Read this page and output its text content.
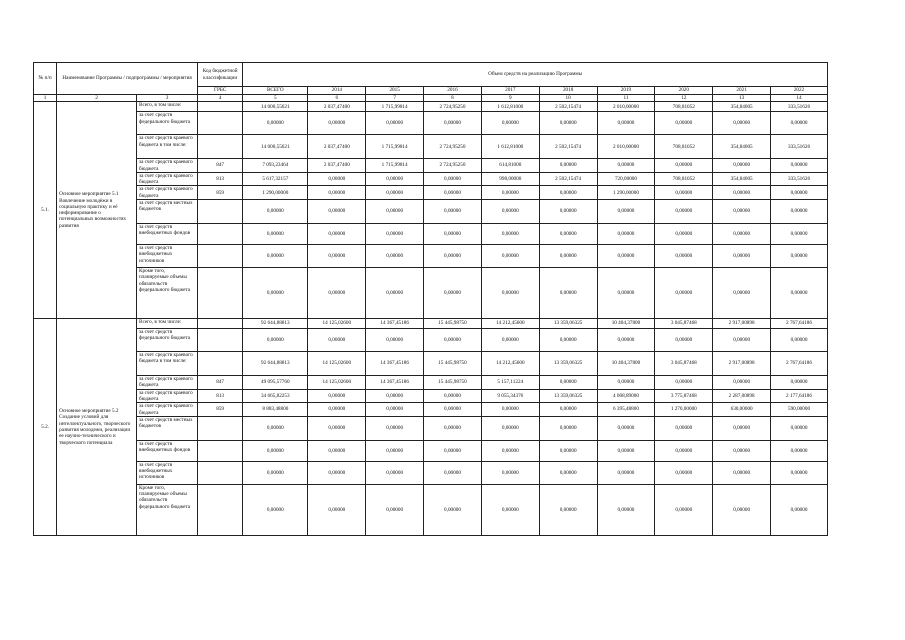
№ п/п	Наименование Программы / подпрограммы / мероприятия		Код бюджетной классификации	Объем средств на реализацию Программы									
			ГРБС	ВСЕГО	2014	2015	2016	2017	2018	2019	2020	2021	2022
1	2	3	4	5	6	7	8	9	10	11	12	13	14
5.1.	Основное мероприятие 5.1 Вовлечение молодёжи в социальную практику и её информирование о потенциальных возможностях развития	Всего, в том числе:		14 000,55621	2 037,47400	1 715,99814	2 724,95250	1 612,81000	2 502,15474	2 010,00000	708,81052	354,84005	333,51626
		за счет средств федерального бюджета		0,00000	0,00000	0,00000	0,00000	0,00000	0,00000	0,00000	0,00000	0,00000	0,00000
		за счет средств краевого бюджета в том числе:		14 000,55621	2 037,47400	1 715,99814	2 724,95250	1 612,81000	2 502,15474	2 010,00000	708,81052	354,84005	333,51626
		за счет средств краевого бюджета	847	7 093,23464	2 037,47400	1 715,99814	2 724,95250	614,81000	0,00000	0,00000	0,00000	0,00000	0,00000
		за счет средств краевого бюджета	813	5 617,32157	0,00000	0,00000	0,00000	998,00000	2 502,15474	720,00000	708,81052	354,84005	333,51626
		за счет средств краевого бюджета	859	1 290,00000	0,00000	0,00000	0,00000	0,00000	0,00000	1 290,00000	0,00000	0,00000	0,00000
		за счет средств местных бюджетов		0,00000	0,00000	0,00000	0,00000	0,00000	0,00000	0,00000	0,00000	0,00000	0,00000
		за счет средств внебюджетных фондов		0,00000	0,00000	0,00000	0,00000	0,00000	0,00000	0,00000	0,00000	0,00000	0,00000
		за счет средств внебюджетных источников		0,00000	0,00000	0,00000	0,00000	0,00000	0,00000	0,00000	0,00000	0,00000	0,00000
		Кроме того, планируемые объемы обязательств федерального бюджета		0,00000	0,00000	0,00000	0,00000	0,00000	0,00000	0,00000	0,00000	0,00000	0,00000
5.2.	Основное мероприятие 5.2 Создание условий для интеллектуального, творческого развития молодежи, реализации ее научно-технического и творческого потенциала	Всего, в том числе:		92 644,88813	14 125,02600	14 367,45186	15 445,98750	14 212,45600	13 359,06325	10 404,37800	3 045,87468	2 917,00898	2 767,64186
		за счет средств федерального бюджета		0,00000	0,00000	0,00000	0,00000	0,00000	0,00000	0,00000	0,00000	0,00000	0,00000
		за счет средств краевого бюджета в том числе:		92 644,88813	14 125,02600	14 367,45186	15 445,98750	14 212,45600	13 359,06325	10 404,37800	3 045,87468	2 917,00898	2 767,64186
		за счет средств краевого бюджета	847	49 095,57760	14 125,02600	14 367,45186	15 445,98750	5 157,11224	0,00000	0,00000	0,00000	0,00000	0,00000
		за счет средств краевого бюджета	813	34 665,82253	0,00000	0,00000	0,00000	9 055,34376	13 359,06325	4 008,89000	3 775,87468	2 287,00898	2 177,64186
		за счет средств краевого бюджета	859	8 883,48800	0,00000	0,00000	0,00000	0,00000	0,00000	6 395,48800	1 270,00000	630,00000	590,00000
		за счет средств местных бюджетов		0,00000	0,00000	0,00000	0,00000	0,00000	0,00000	0,00000	0,00000	0,00000	0,00000
		за счет средств внебюджетных фондов		0,00000	0,00000	0,00000	0,00000	0,00000	0,00000	0,00000	0,00000	0,00000	0,00000
		за счет средств внебюджетных источников		0,00000	0,00000	0,00000	0,00000	0,00000	0,00000	0,00000	0,00000	0,00000	0,00000
		Кроме того, планируемые объемы обязательств федерального бюджета		0,00000	0,00000	0,00000	0,00000	0,00000	0,00000	0,00000	0,00000	0,00000	0,00000
